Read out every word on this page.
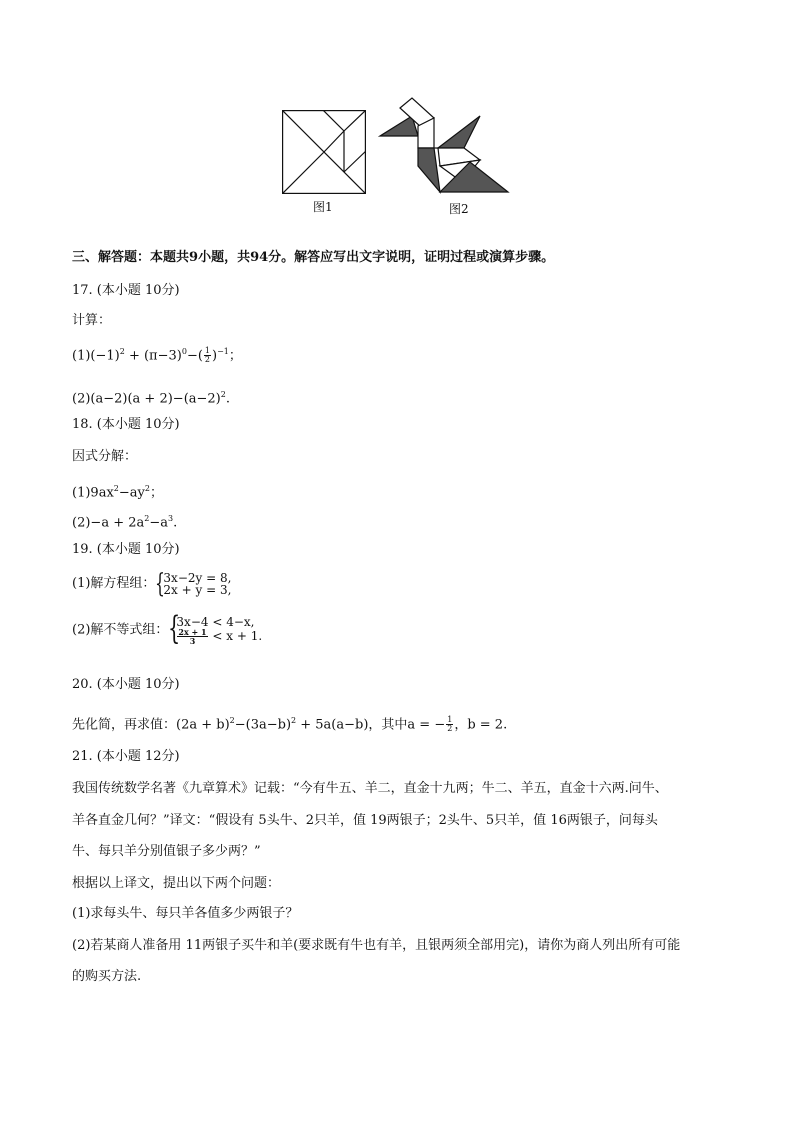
图1	图2
三、解答题：本题共9小题，共94分。解答应写出文字说明，证明过程或演算步骤。
17. (本小题 10分)
计算：
$(1)(-1)^2 + (\pi-3)^0-( \frac{1}{2} )^{-1}$；
$(2)(a-2)(a + 2)-(a-2)^2$.
18. (本小题 10分)
因式分解：
$(1)9ax^2-ay^2$；
$(2)-a + 2a^2-a^3$.
19. (本小题 10分)
(1)解方程组： {
3x−2y = 8,
2x + y = 3,
(2)解不等式组： {
3x−4 < 4−x,
$\frac{2x + 1}{3} < x + 1$.
20. (本小题 10分)
先化简，再求值：$(2a + b)^2-(3a-b)^2 + 5a(a-b)$，其中a = − $\frac{1}{2}$ ，b = 2.
21. (本小题 12分)
我国传统数学名著《九章算术》记载：“今有牛五、羊二，直金十九两；牛二、羊五，直金十六两.问牛、
羊各直金几何？”译文：“假设有 5头牛、2只羊，值 19两银子；2头牛、5只羊，值 16两银子，问每头
牛、每只羊分别值银子多少两？”
根据以上译文，提出以下两个问题：
(1)求每头牛、每只羊各值多少两银子？
(2)若某商人准备用 11两银子买牛和羊(要求既有牛也有羊，且银两须全部用完)，请你为商人列出所有可能
的购买方法.
